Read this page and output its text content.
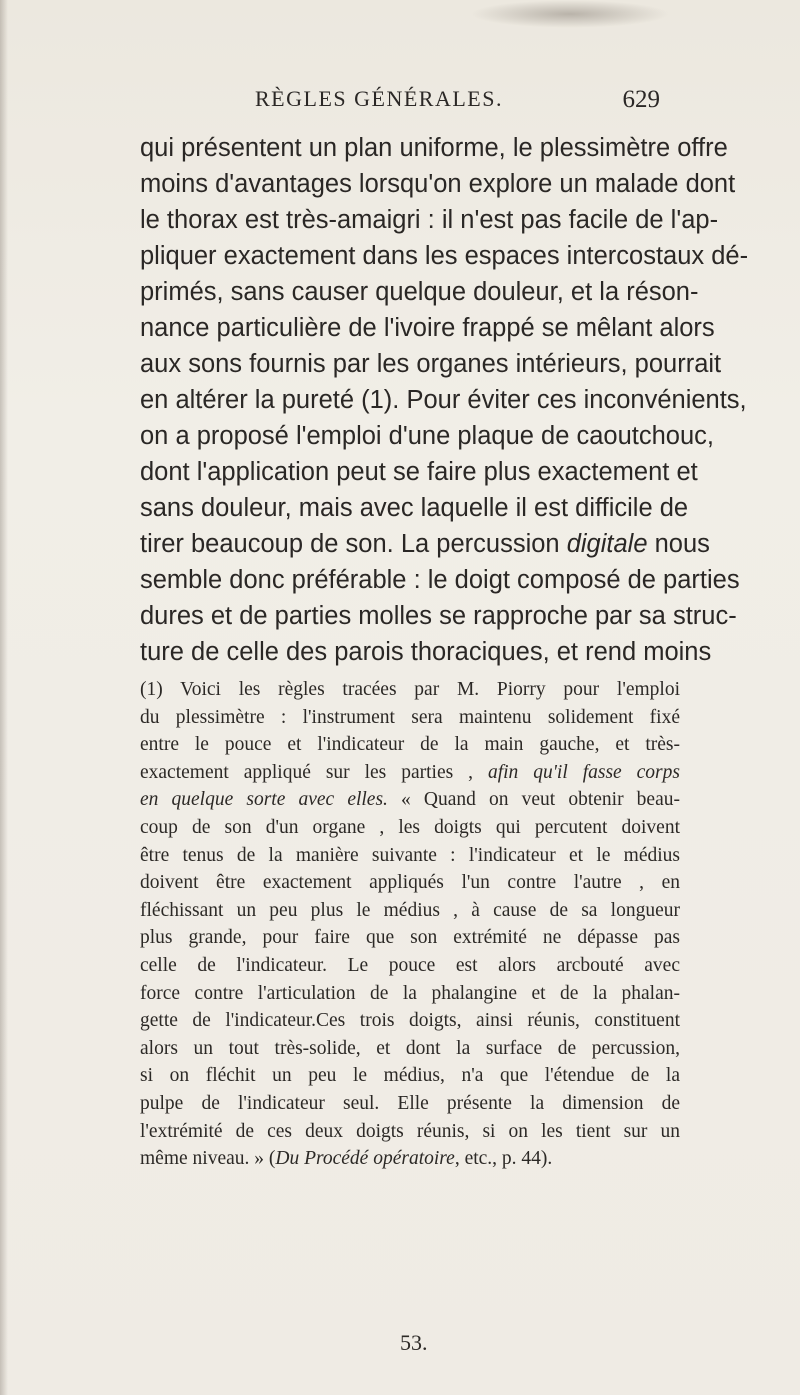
RÈGLES GÉNÉRALES.	629
qui présentent un plan uniforme, le plessimètre offre
moins d'avantages lorsqu'on explore un malade dont
le thorax est très-amaigri : il n'est pas facile de l'ap-
pliquer exactement dans les espaces intercostaux dé-
primés, sans causer quelque douleur, et la réson-
nance particulière de l'ivoire frappé se mêlant alors
aux sons fournis par les organes intérieurs, pourrait
en altérer la pureté (1). Pour éviter ces inconvénients,
on a proposé l'emploi d'une plaque de caoutchouc,
dont l'application peut se faire plus exactement et
sans douleur, mais avec laquelle il est difficile de
tirer beaucoup de son. La percussion digitale nous
semble donc préférable : le doigt composé de parties
dures et de parties molles se rapproche par sa struc-
ture de celle des parois thoraciques, et rend moins
(1) Voici les règles tracées par M. Piorry pour l'emploi
du plessimètre : l'instrument sera maintenu solidement fixé
entre le pouce et l'indicateur de la main gauche, et très-
exactement appliqué sur les parties , afin qu'il fasse corps
en quelque sorte avec elles. « Quand on veut obtenir beau-
coup de son d'un organe , les doigts qui percutent doivent
être tenus de la manière suivante : l'indicateur et le médius
doivent être exactement appliqués l'un contre l'autre , en
fléchissant un peu plus le médius , à cause de sa longueur
plus grande, pour faire que son extrémité ne dépasse pas
celle de l'indicateur. Le pouce est alors arcbouté avec
force contre l'articulation de la phalangine et de la phalan-
gette de l'indicateur.Ces trois doigts, ainsi réunis, constituent
alors un tout très-solide, et dont la surface de percussion,
si on fléchit un peu le médius, n'a que l'étendue de la
pulpe de l'indicateur seul. Elle présente la dimension de
l'extrémité de ces deux doigts réunis, si on les tient sur un
même niveau. » (Du Procédé opératoire, etc., p. 44).
53.
